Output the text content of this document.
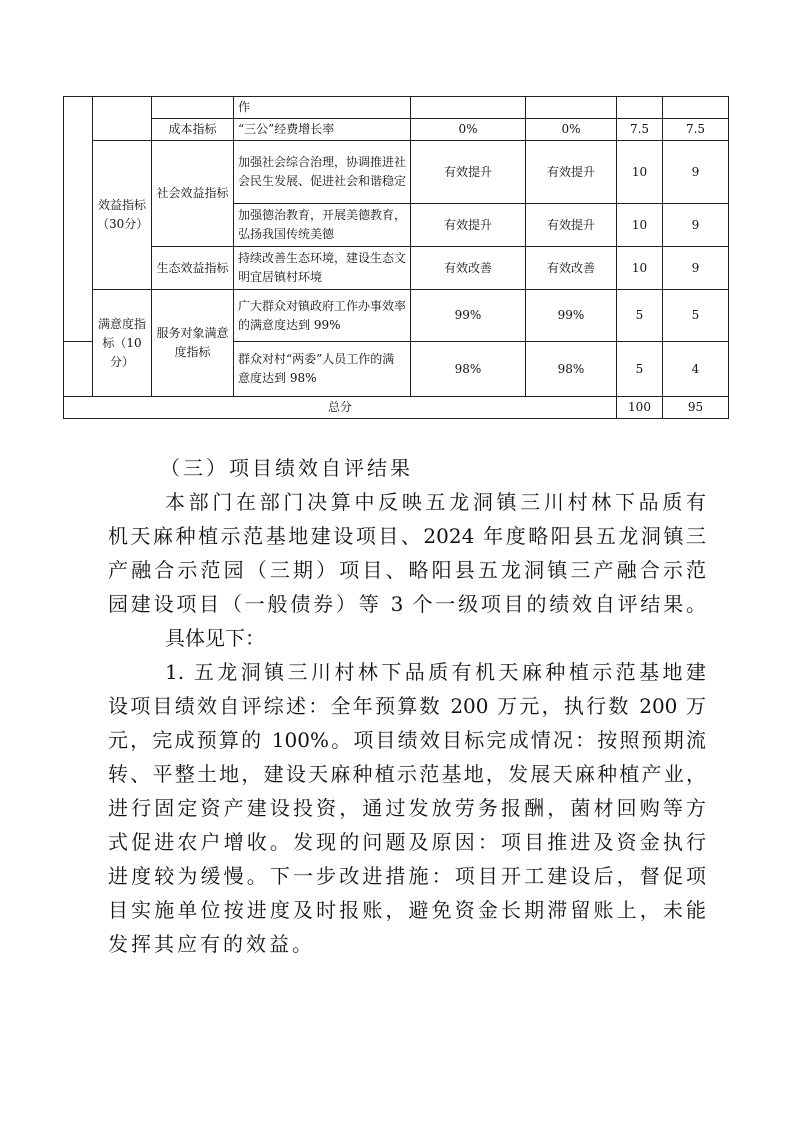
			作				
		成本指标	“三公”经费增长率	0%	0%	7.5	7.5
	效益指标（30分）	社会效益指标	加强社会综合治理，协调推进社会民生发展、促进社会和谐稳定	有效提升	有效提升	10	9
			加强德治教育，开展美德教育，弘扬我国传统美德	有效提升	有效提升	10	9
		生态效益指标	持续改善生态环境，建设生态文明宜居镇村环境	有效改善	有效改善	10	9
	满意度指标（10分）	服务对象满意度指标	广大群众对镇政府工作办事效率的满意度达到 99%	99%	99%	5	5
			群众对村“两委”人员工作的满意度达到 98%	98%	98%	5	4
总分						100	95
（三）项目绩效自评结果
本部门在部门决算中反映五龙洞镇三川村林下品质有
机天麻种植示范基地建设项目、2024 年度略阳县五龙洞镇三
产融合示范园（三期）项目、略阳县五龙洞镇三产融合示范
园建设项目（一般债券）等 3 个一级项目的绩效自评结果。
具体见下：
1. 五龙洞镇三川村林下品质有机天麻种植示范基地建
设项目绩效自评综述：全年预算数 200 万元，执行数 200 万
元，完成预算的 100%。项目绩效目标完成情况：按照预期流
转、平整土地，建设天麻种植示范基地，发展天麻种植产业，
进行固定资产建设投资，通过发放劳务报酬，菌材回购等方
式促进农户增收。发现的问题及原因：项目推进及资金执行
进度较为缓慢。下一步改进措施：项目开工建设后，督促项
目实施单位按进度及时报账，避免资金长期滞留账上，未能
发挥其应有的效益。
